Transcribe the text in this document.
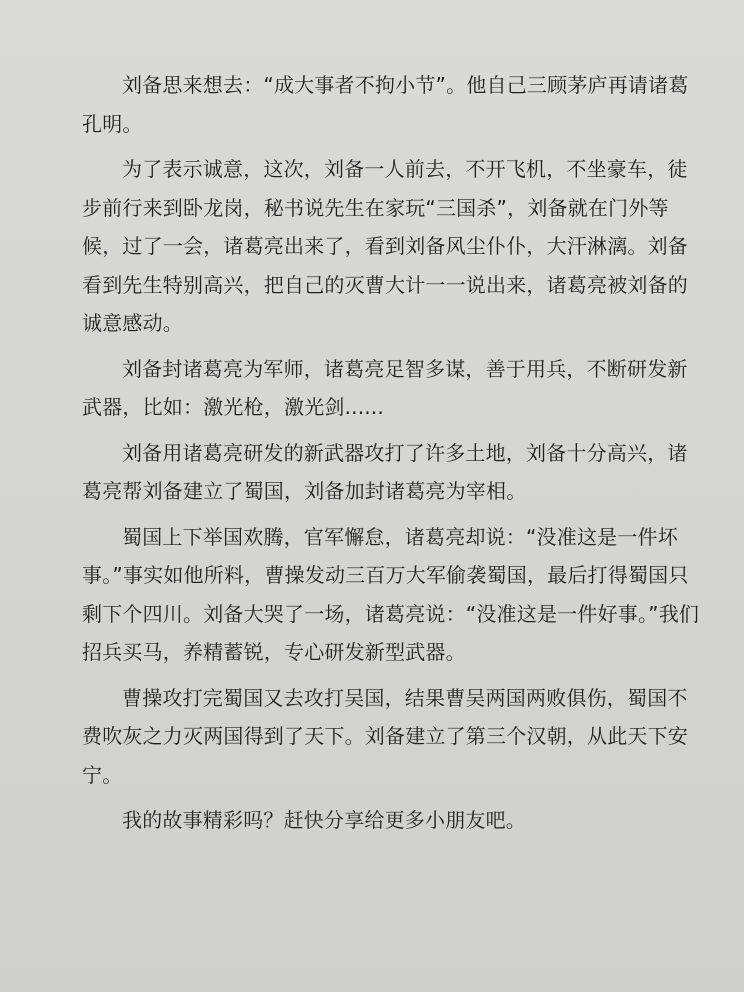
刘备思来想去：“成大事者不拘小节”。他自己三顾茅庐再请诸葛孔明。

为了表示诚意，这次，刘备一人前去，不开飞机，不坐豪车，徒步前行来到卧龙岗，秘书说先生在家玩“三国杀”，刘备就在门外等候，过了一会，诸葛亮出来了，看到刘备风尘仆仆，大汗淋漓。刘备看到先生特别高兴，把自己的灭曹大计一一说出来，诸葛亮被刘备的诚意感动。

刘备封诸葛亮为军师，诸葛亮足智多谋，善于用兵，不断研发新武器，比如：激光枪，激光剑......

刘备用诸葛亮研发的新武器攻打了许多土地，刘备十分高兴，诸葛亮帮刘备建立了蜀国，刘备加封诸葛亮为宰相。

蜀国上下举国欢腾，官军懈怠，诸葛亮却说：“没准这是一件坏事。”事实如他所料，曹操发动三百万大军偷袭蜀国，最后打得蜀国只剩下个四川。刘备大哭了一场，诸葛亮说：“没准这是一件好事。”我们招兵买马，养精蓄锐，专心研发新型武器。

曹操攻打完蜀国又去攻打吴国，结果曹吴两国两败俱伤，蜀国不费吹灰之力灭两国得到了天下。刘备建立了第三个汉朝，从此天下安宁。

我的故事精彩吗？赶快分享给更多小朋友吧。
